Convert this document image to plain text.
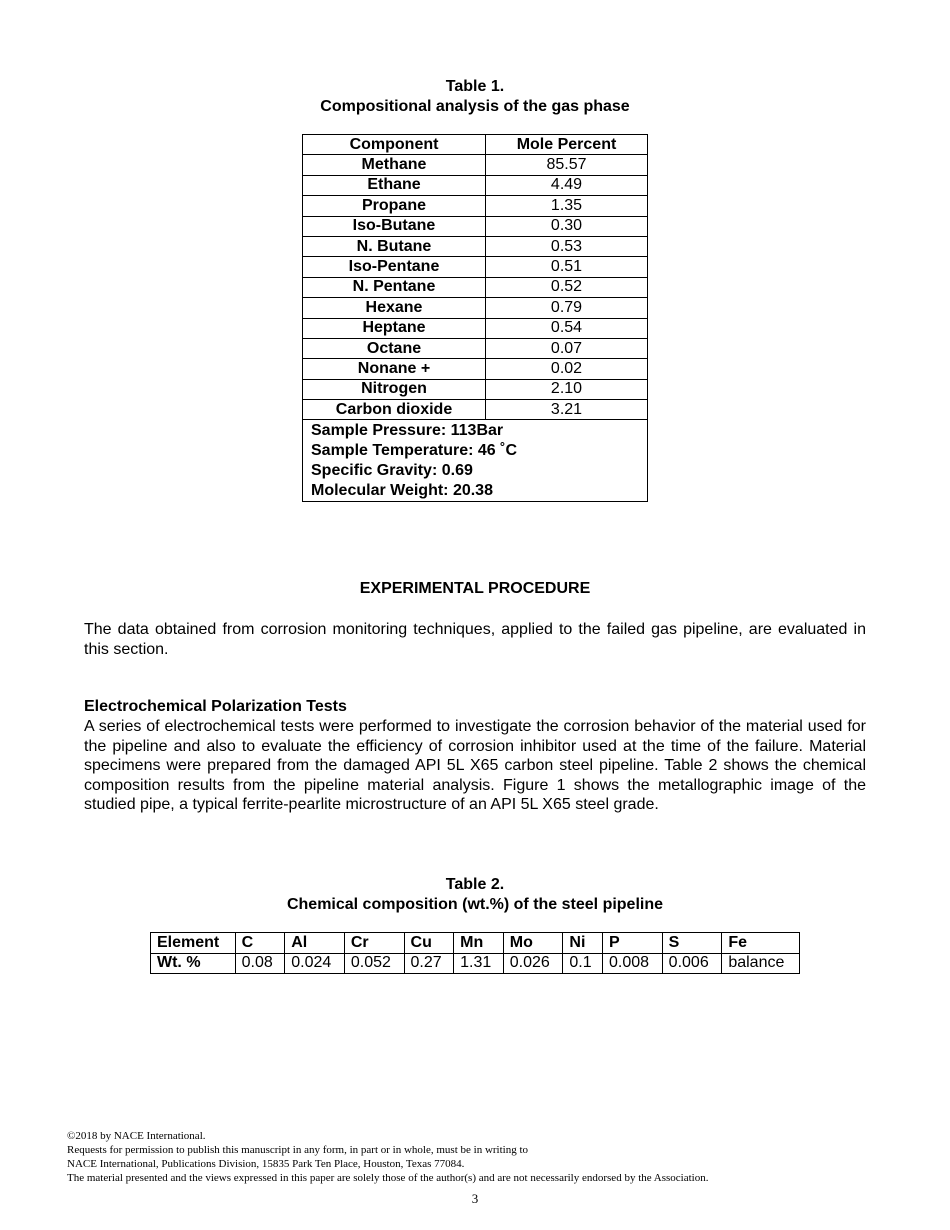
Table 1.
Compositional analysis of the gas phase
Component	Mole Percent
Methane	85.57
Ethane	4.49
Propane	1.35
Iso-Butane	0.30
N. Butane	0.53
Iso-Pentane	0.51
N. Pentane	0.52
Hexane	0.79
Heptane	0.54
Octane	0.07
Nonane +	0.02
Nitrogen	2.10
Carbon dioxide	3.21

Sample Pressure: 113Bar
Sample Temperature: 46 ˚C
Specific Gravity: 0.69
Molecular Weight: 20.38	
EXPERIMENTAL PROCEDURE
The data obtained from corrosion monitoring techniques, applied to the failed gas pipeline, are evaluated in this section.
Electrochemical Polarization Tests
A series of electrochemical tests were performed to investigate the corrosion behavior of the material used for the pipeline and also to evaluate the efficiency of corrosion inhibitor used at the time of the failure. Material specimens were prepared from the damaged API 5L X65 carbon steel pipeline. Table 2 shows the chemical composition results from the pipeline material analysis. Figure 1 shows the metallographic image of the studied pipe, a typical ferrite-pearlite microstructure of an API 5L X65 steel grade.
Table 2.
Chemical composition (wt.%) of the steel pipeline
Element	C	Al	Cr	Cu	Mn	Mo	Ni	P	S	Fe
Wt. %	0.08	0.024	0.052	0.27	1.31	0.026	0.1	0.008	0.006	balance
©2018 by NACE International.
Requests for permission to publish this manuscript in any form, in part or in whole, must be in writing to
NACE International, Publications Division, 15835 Park Ten Place, Houston, Texas 77084.
The material presented and the views expressed in this paper are solely those of the author(s) and are not necessarily endorsed by the Association.
3
